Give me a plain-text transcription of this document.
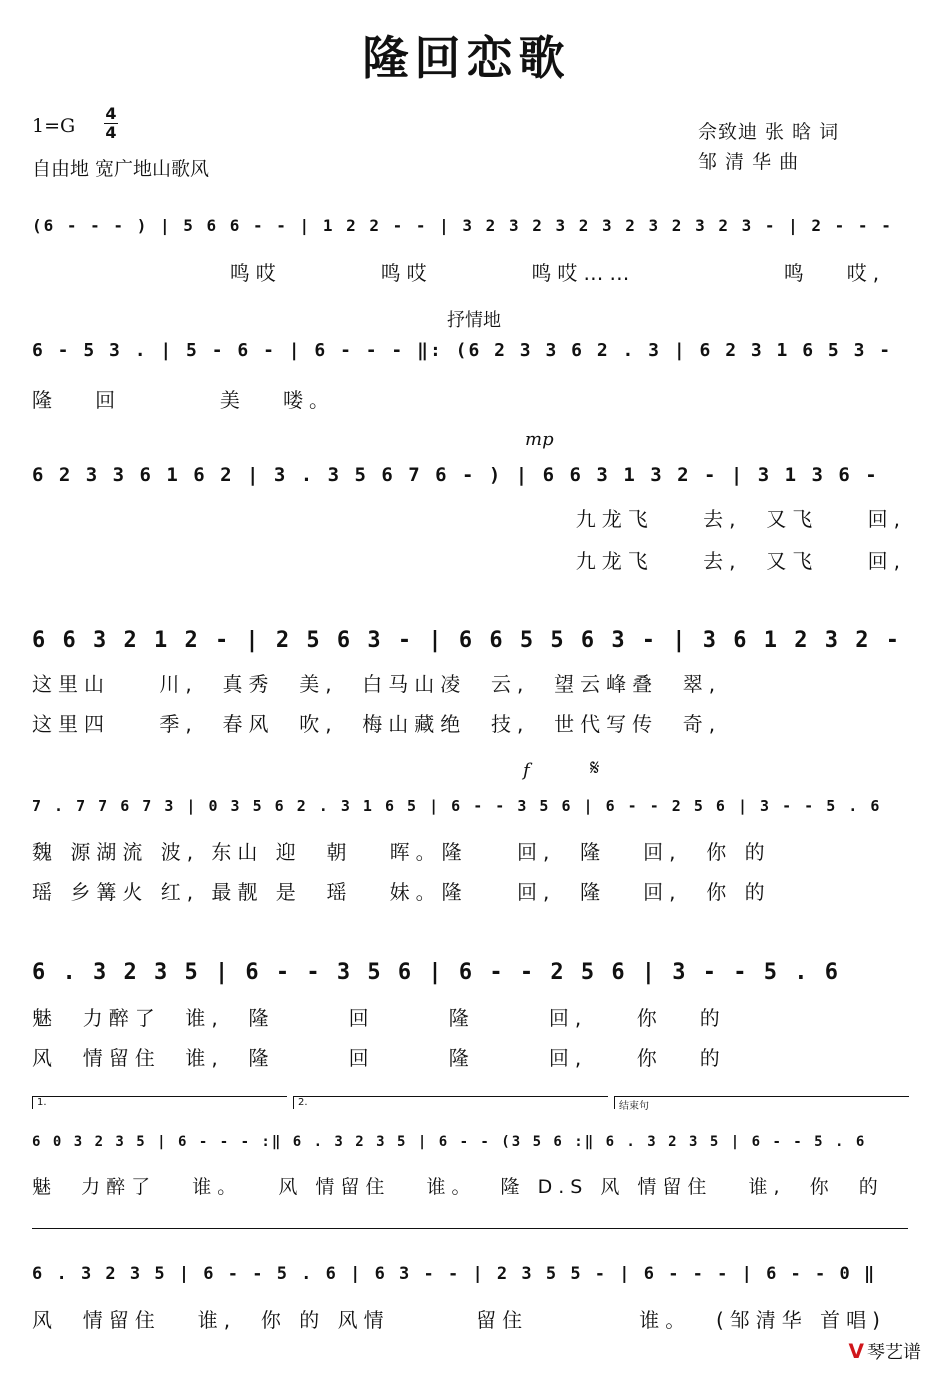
隆回恋歌
1=G
4
4
自由地 宽广地山歌风
佘致迪 张 晗 词
邹 清 华 曲
(6 - - - ) | 5 6 6 - - | 1 2 2 - - | 3 2 3 2 3 2 3 2 3 2 3 2 3 - | 2 - - -
鸣哎        鸣哎        鸣哎……            鸣   哎,
抒情地
6 - 5 3 . | 5 - 6 - | 6 - - - ‖: (6 2 3 3 6 2 . 3 | 6 2 3 1 6 5 3 -
隆   回        美   喽。
mp
6 2 3 3 6 1 6 2 | 3 . 3 5 6 7 6 - ) | 6 6 3 1 3 2 - | 3 1 3 6 -
九龙飞    去,  又飞    回,
九龙飞    去,  又飞    回,
6 6 3 2 1 2 - | 2 5 6 3 - | 6 6 5 5 6 3 - | 3 6 1 2 3 2 -
这里山    川,  真秀  美,  白马山凌  云,  望云峰叠  翠,
这里四    季,  春风  吹,  梅山藏绝  技,  世代写传  奇,
f	𝄋
7 . 7 7 6 7 3 | 0 3 5 6 2 . 3 1 6 5 | 6 - - 3 5 6 | 6 - - 2 5 6 | 3 - - 5 . 6
魏 源湖流 波, 东山 迎  朝   晖。隆    回,  隆   回,  你 的
瑶 乡篝火 红, 最靓 是  瑶   妹。隆    回,  隆   回,  你 的
6 . 3 2 3 5 | 6 - - 3 5 6 | 6 - - 2 5 6 | 3 - - 5 . 6
魅  力醉了  谁,  隆      回      隆      回,    你   的
风  情留住  谁,  隆      回      隆      回,    你   的
1.	2.	结束句
6 0 3 2 3 5 | 6 - - - :‖ 6 . 3 2 3 5 | 6 - - (3 5 6 :‖ 6 . 3 2 3 5 | 6 - - 5 . 6
魅  力醉了   谁。   风 情留住   谁。  隆 D.S 风 情留住   谁,  你  的
6 . 3 2 3 5 | 6 - - 5 . 6 | 6 3 - - | 2 3 5 5 - | 6 - - - | 6 - - 0 ‖
风  情留住   谁,  你 的 风情       留住         谁。  (邹清华 首唱)
ᐯ 琴艺谱
